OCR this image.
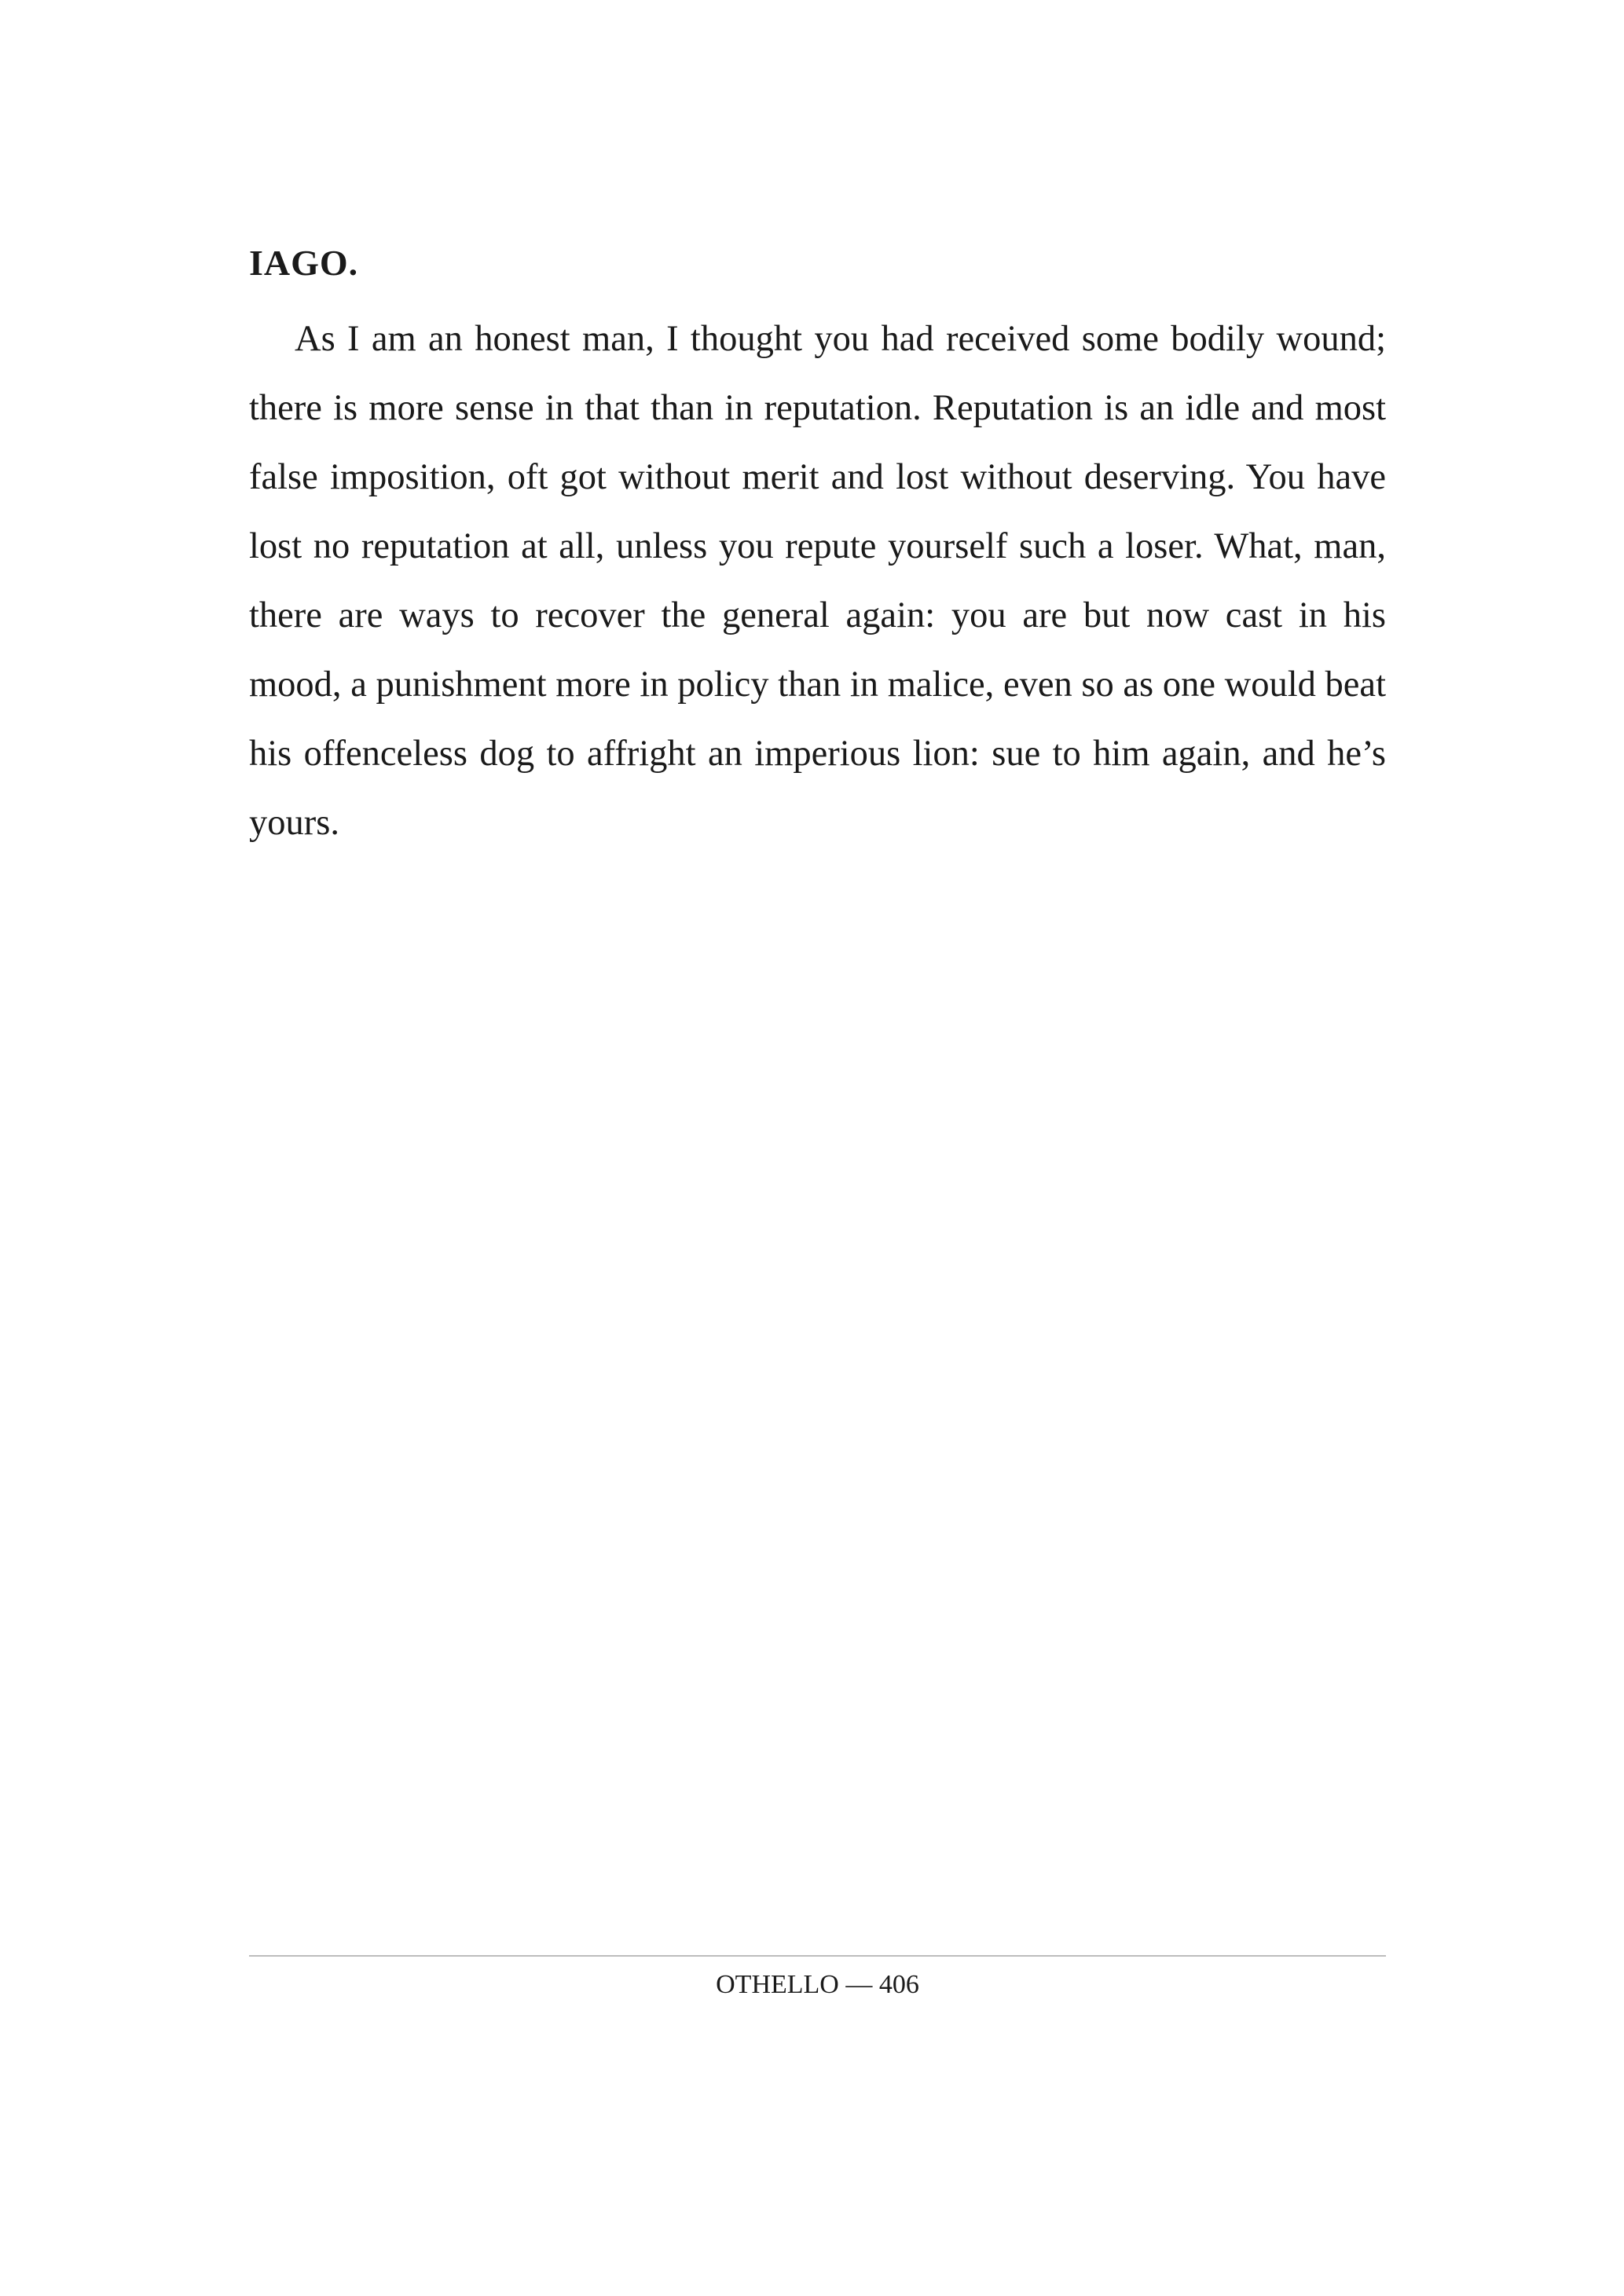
IAGO.

As I am an honest man, I thought you had received some bodily wound; there is more sense in that than in reputation. Reputation is an idle and most false imposition, oft got without merit and lost without deserving. You have lost no reputation at all, unless you repute yourself such a loser. What, man, there are ways to recover the general again: you are but now cast in his mood, a punishment more in policy than in malice, even so as one would beat his offenceless dog to affright an imperious lion: sue to him again, and he’s yours.

OTHELLO — 406
